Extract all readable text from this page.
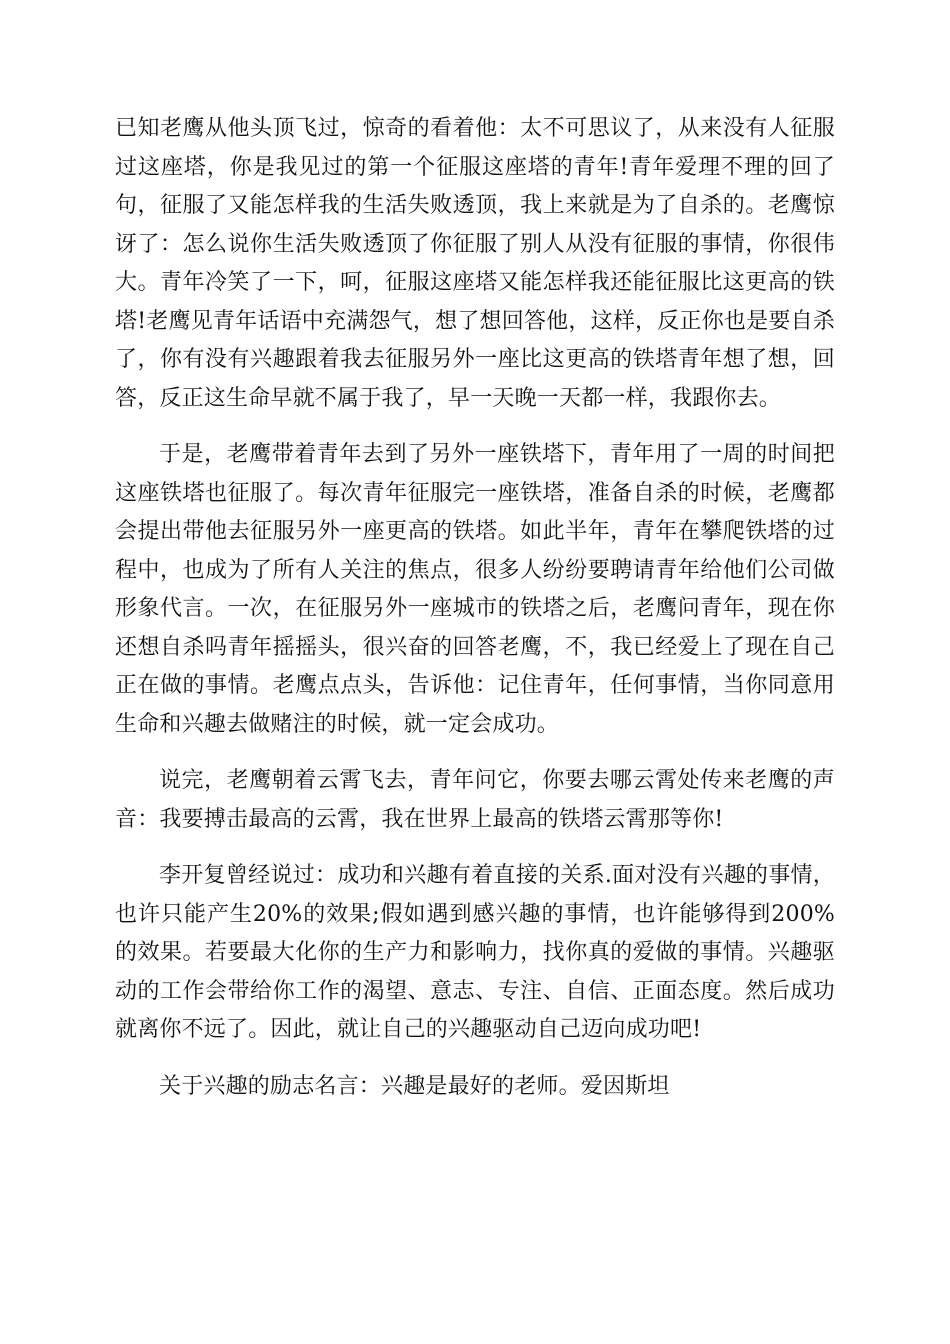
已知老鹰从他头顶飞过，惊奇的看着他：太不可思议了，从来没有人征服过这座塔，你是我见过的第一个征服这座塔的青年!青年爱理不理的回了句，征服了又能怎样我的生活失败透顶，我上来就是为了自杀的。老鹰惊讶了：怎么说你生活失败透顶了你征服了别人从没有征服的事情，你很伟大。青年冷笑了一下，呵，征服这座塔又能怎样我还能征服比这更高的铁塔!老鹰见青年话语中充满怨气，想了想回答他，这样，反正你也是要自杀了，你有没有兴趣跟着我去征服另外一座比这更高的铁塔青年想了想，回答，反正这生命早就不属于我了，早一天晚一天都一样，我跟你去。

于是，老鹰带着青年去到了另外一座铁塔下，青年用了一周的时间把这座铁塔也征服了。每次青年征服完一座铁塔，准备自杀的时候，老鹰都会提出带他去征服另外一座更高的铁塔。如此半年，青年在攀爬铁塔的过程中，也成为了所有人关注的焦点，很多人纷纷要聘请青年给他们公司做形象代言。一次，在征服另外一座城市的铁塔之后，老鹰问青年，现在你还想自杀吗青年摇摇头，很兴奋的回答老鹰，不，我已经爱上了现在自己正在做的事情。老鹰点点头，告诉他：记住青年，任何事情，当你同意用生命和兴趣去做赌注的时候，就一定会成功。

说完，老鹰朝着云霄飞去，青年问它，你要去哪云霄处传来老鹰的声音：我要搏击最高的云霄，我在世界上最高的铁塔云霄那等你!

李开复曾经说过：成功和兴趣有着直接的关系.面对没有兴趣的事情，也许只能产生20%的效果;假如遇到感兴趣的事情，也许能够得到200%的效果。若要最大化你的生产力和影响力，找你真的爱做的事情。兴趣驱动的工作会带给你工作的渴望、意志、专注、自信、正面态度。然后成功就离你不远了。因此，就让自己的兴趣驱动自己迈向成功吧!

关于兴趣的励志名言：兴趣是最好的老师。爱因斯坦
